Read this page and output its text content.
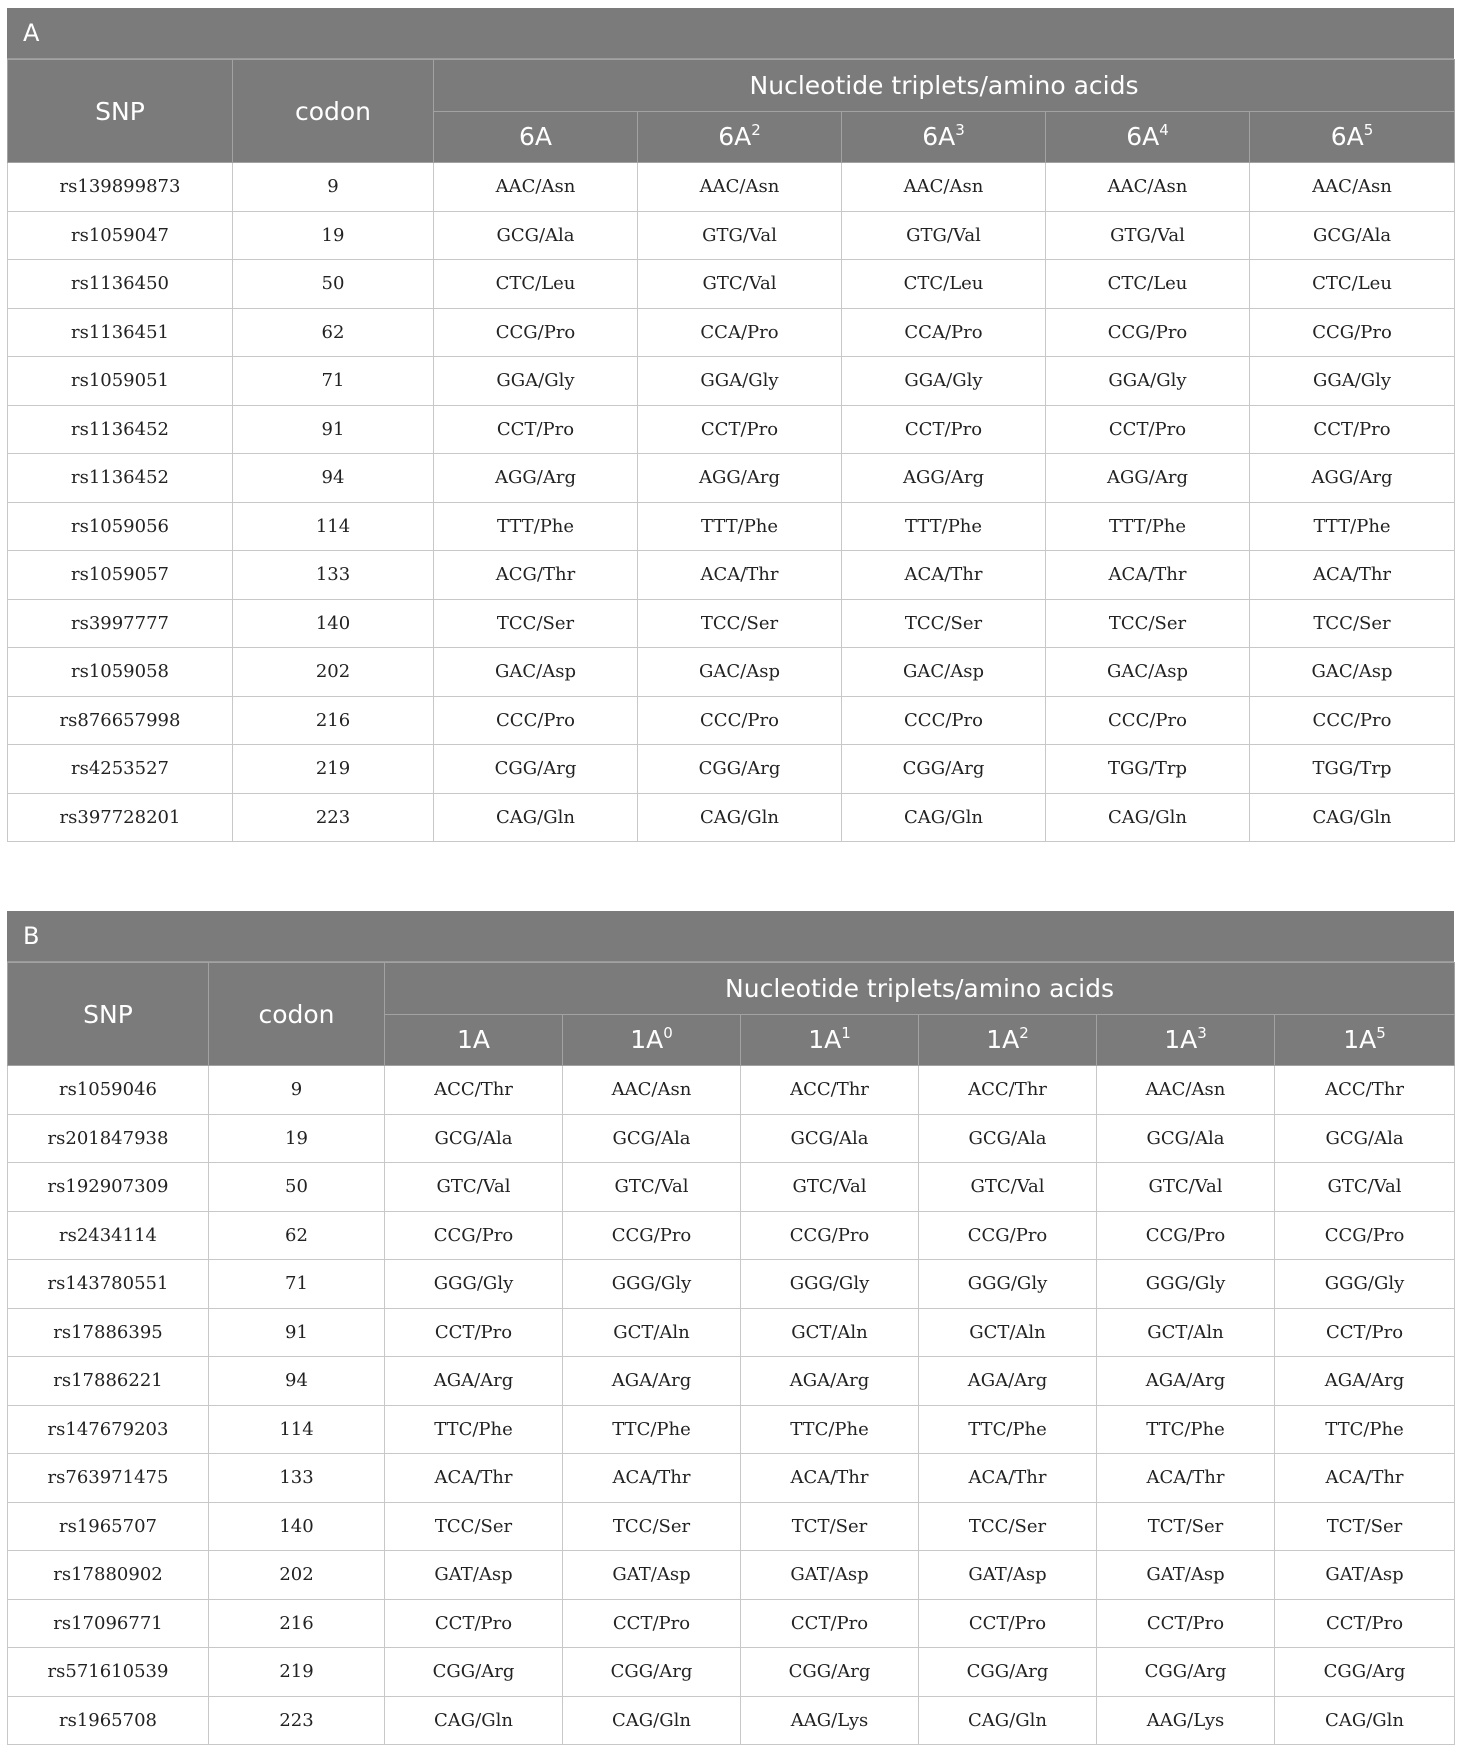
A
SNP	codon	Nucleotide triplets/amino acids				
		6A	$6A^2$	$6A^3$	$6A^4$	$6A^5$
rs139899873	9	AAC/Asn	AAC/Asn	AAC/Asn	AAC/Asn	AAC/Asn
rs1059047	19	GCG/Ala	GTG/Val	GTG/Val	GTG/Val	GCG/Ala
rs1136450	50	CTC/Leu	GTC/Val	CTC/Leu	CTC/Leu	CTC/Leu
rs1136451	62	CCG/Pro	CCA/Pro	CCA/Pro	CCG/Pro	CCG/Pro
rs1059051	71	GGA/Gly	GGA/Gly	GGA/Gly	GGA/Gly	GGA/Gly
rs1136452	91	CCT/Pro	CCT/Pro	CCT/Pro	CCT/Pro	CCT/Pro
rs1136452	94	AGG/Arg	AGG/Arg	AGG/Arg	AGG/Arg	AGG/Arg
rs1059056	114	TTT/Phe	TTT/Phe	TTT/Phe	TTT/Phe	TTT/Phe
rs1059057	133	ACG/Thr	ACA/Thr	ACA/Thr	ACA/Thr	ACA/Thr
rs3997777	140	TCC/Ser	TCC/Ser	TCC/Ser	TCC/Ser	TCC/Ser
rs1059058	202	GAC/Asp	GAC/Asp	GAC/Asp	GAC/Asp	GAC/Asp
rs876657998	216	CCC/Pro	CCC/Pro	CCC/Pro	CCC/Pro	CCC/Pro
rs4253527	219	CGG/Arg	CGG/Arg	CGG/Arg	TGG/Trp	TGG/Trp
rs397728201	223	CAG/Gln	CAG/Gln	CAG/Gln	CAG/Gln	CAG/Gln
B
SNP	codon	Nucleotide triplets/amino acids					
		1A	$1A^0$	$1A^1$	$1A^2$	$1A^3$	$1A^5$
rs1059046	9	ACC/Thr	AAC/Asn	ACC/Thr	ACC/Thr	AAC/Asn	ACC/Thr
rs201847938	19	GCG/Ala	GCG/Ala	GCG/Ala	GCG/Ala	GCG/Ala	GCG/Ala
rs192907309	50	GTC/Val	GTC/Val	GTC/Val	GTC/Val	GTC/Val	GTC/Val
rs2434114	62	CCG/Pro	CCG/Pro	CCG/Pro	CCG/Pro	CCG/Pro	CCG/Pro
rs143780551	71	GGG/Gly	GGG/Gly	GGG/Gly	GGG/Gly	GGG/Gly	GGG/Gly
rs17886395	91	CCT/Pro	GCT/Aln	GCT/Aln	GCT/Aln	GCT/Aln	CCT/Pro
rs17886221	94	AGA/Arg	AGA/Arg	AGA/Arg	AGA/Arg	AGA/Arg	AGA/Arg
rs147679203	114	TTC/Phe	TTC/Phe	TTC/Phe	TTC/Phe	TTC/Phe	TTC/Phe
rs763971475	133	ACA/Thr	ACA/Thr	ACA/Thr	ACA/Thr	ACA/Thr	ACA/Thr
rs1965707	140	TCC/Ser	TCC/Ser	TCT/Ser	TCC/Ser	TCT/Ser	TCT/Ser
rs17880902	202	GAT/Asp	GAT/Asp	GAT/Asp	GAT/Asp	GAT/Asp	GAT/Asp
rs17096771	216	CCT/Pro	CCT/Pro	CCT/Pro	CCT/Pro	CCT/Pro	CCT/Pro
rs571610539	219	CGG/Arg	CGG/Arg	CGG/Arg	CGG/Arg	CGG/Arg	CGG/Arg
rs1965708	223	CAG/Gln	CAG/Gln	AAG/Lys	CAG/Gln	AAG/Lys	CAG/Gln
